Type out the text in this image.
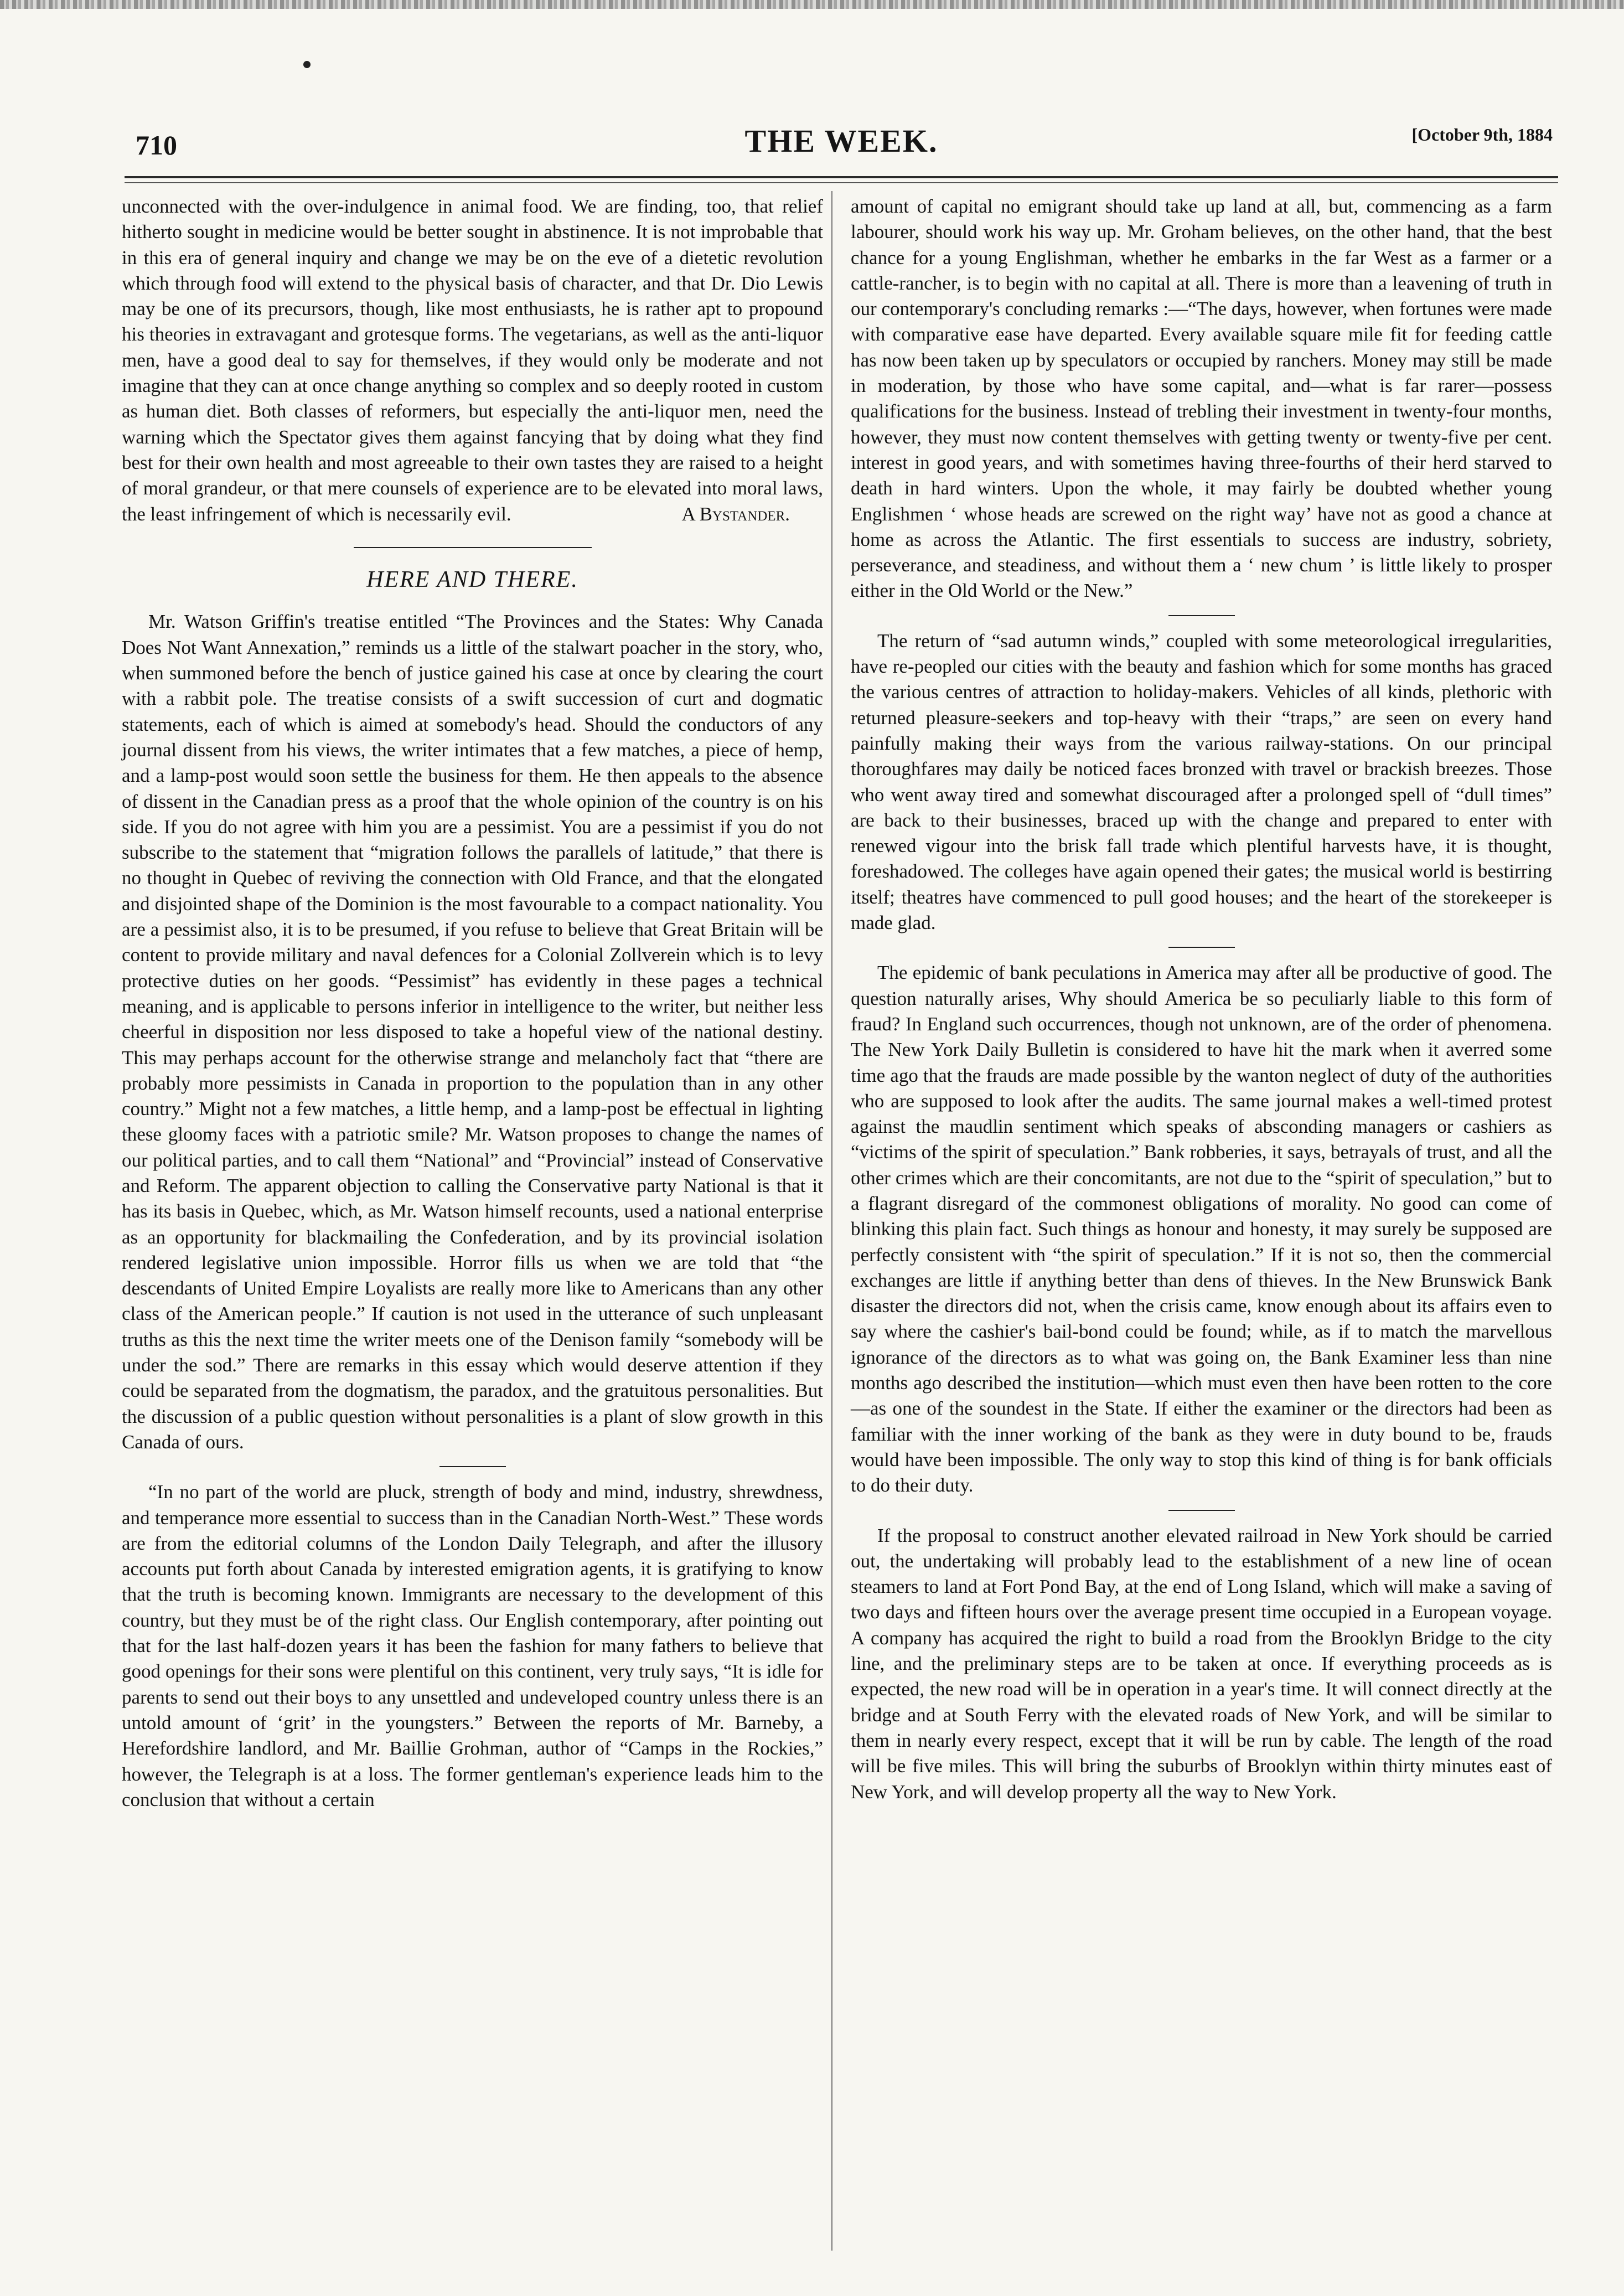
710	THE WEEK.	[October 9th, 1884

unconnected with the over-indulgence in animal food. We are finding, too, that relief hitherto sought in medicine would be better sought in abstinence. It is not improbable that in this era of general inquiry and change we may be on the eve of a dietetic revolution which through food will extend to the physical basis of character, and that Dr. Dio Lewis may be one of its precursors, though, like most enthusiasts, he is rather apt to propound his theories in extravagant and grotesque forms. The vegetarians, as well as the anti-liquor men, have a good deal to say for themselves, if they would only be moderate and not imagine that they can at once change anything so complex and so deeply rooted in custom as human diet. Both classes of reformers, but especially the anti-liquor men, need the warning which the Spectator gives them against fancying that by doing what they find best for their own health and most agreeable to their own tastes they are raised to a height of moral grandeur, or that mere counsels of experience are to be elevated into moral laws, the least infringement of which is necessarily evil.	A Bystander.

HERE AND THERE.

Mr. Watson Griffin's treatise entitled “The Provinces and the States: Why Canada Does Not Want Annexation,” reminds us a little of the stalwart poacher in the story, who, when summoned before the bench of justice gained his case at once by clearing the court with a rabbit pole. The treatise consists of a swift succession of curt and dogmatic statements, each of which is aimed at somebody's head. Should the conductors of any journal dissent from his views, the writer intimates that a few matches, a piece of hemp, and a lamp-post would soon settle the business for them. He then appeals to the absence of dissent in the Canadian press as a proof that the whole opinion of the country is on his side. If you do not agree with him you are a pessimist. You are a pessimist if you do not subscribe to the statement that “migration follows the parallels of latitude,” that there is no thought in Quebec of reviving the connection with Old France, and that the elongated and disjointed shape of the Dominion is the most favourable to a compact nationality. You are a pessimist also, it is to be presumed, if you refuse to believe that Great Britain will be content to provide military and naval defences for a Colonial Zollverein which is to levy protective duties on her goods. “Pessimist” has evidently in these pages a technical meaning, and is applicable to persons inferior in intelligence to the writer, but neither less cheerful in disposition nor less disposed to take a hopeful view of the national destiny. This may perhaps account for the otherwise strange and melancholy fact that “there are probably more pessimists in Canada in proportion to the population than in any other country.” Might not a few matches, a little hemp, and a lamp-post be effectual in lighting these gloomy faces with a patriotic smile? Mr. Watson proposes to change the names of our political parties, and to call them “National” and “Provincial” instead of Conservative and Reform. The apparent objection to calling the Conservative party National is that it has its basis in Quebec, which, as Mr. Watson himself recounts, used a national enterprise as an opportunity for blackmailing the Confederation, and by its provincial isolation rendered legislative union impossible. Horror fills us when we are told that “the descendants of United Empire Loyalists are really more like to Americans than any other class of the American people.” If caution is not used in the utterance of such unpleasant truths as this the next time the writer meets one of the Denison family “somebody will be under the sod.” There are remarks in this essay which would deserve attention if they could be separated from the dogmatism, the paradox, and the gratuitous personalities. But the discussion of a public question without personalities is a plant of slow growth in this Canada of ours.

“In no part of the world are pluck, strength of body and mind, industry, shrewdness, and temperance more essential to success than in the Canadian North-West.” These words are from the editorial columns of the London Daily Telegraph, and after the illusory accounts put forth about Canada by interested emigration agents, it is gratifying to know that the truth is becoming known. Immigrants are necessary to the development of this country, but they must be of the right class. Our English contemporary, after pointing out that for the last half-dozen years it has been the fashion for many fathers to believe that good openings for their sons were plentiful on this continent, very truly says, “It is idle for parents to send out their boys to any unsettled and undeveloped country unless there is an untold amount of ‘grit’ in the youngsters.” Between the reports of Mr. Barneby, a Herefordshire landlord, and Mr. Baillie Grohman, author of “Camps in the Rockies,” however, the Telegraph is at a loss. The former gentleman's experience leads him to the conclusion that without a certain

amount of capital no emigrant should take up land at all, but, commencing as a farm labourer, should work his way up. Mr. Groham believes, on the other hand, that the best chance for a young Englishman, whether he embarks in the far West as a farmer or a cattle-rancher, is to begin with no capital at all. There is more than a leavening of truth in our contemporary's concluding remarks :—“The days, however, when fortunes were made with comparative ease have departed. Every available square mile fit for feeding cattle has now been taken up by speculators or occupied by ranchers. Money may still be made in moderation, by those who have some capital, and—what is far rarer—possess qualifications for the business. Instead of trebling their investment in twenty-four months, however, they must now content themselves with getting twenty or twenty-five per cent. interest in good years, and with sometimes having three-fourths of their herd starved to death in hard winters. Upon the whole, it may fairly be doubted whether young Englishmen ‘ whose heads are screwed on the right way’ have not as good a chance at home as across the Atlantic. The first essentials to success are industry, sobriety, perseverance, and steadiness, and without them a ‘ new chum ’ is little likely to prosper either in the Old World or the New.”

The return of “sad autumn winds,” coupled with some meteorological irregularities, have re-peopled our cities with the beauty and fashion which for some months has graced the various centres of attraction to holiday-makers. Vehicles of all kinds, plethoric with returned pleasure-seekers and top-heavy with their “traps,” are seen on every hand painfully making their ways from the various railway-stations. On our principal thoroughfares may daily be noticed faces bronzed with travel or brackish breezes. Those who went away tired and somewhat discouraged after a prolonged spell of “dull times” are back to their businesses, braced up with the change and prepared to enter with renewed vigour into the brisk fall trade which plentiful harvests have, it is thought, foreshadowed. The colleges have again opened their gates; the musical world is bestirring itself; theatres have commenced to pull good houses; and the heart of the storekeeper is made glad.

The epidemic of bank peculations in America may after all be productive of good. The question naturally arises, Why should America be so peculiarly liable to this form of fraud? In England such occurrences, though not unknown, are of the order of phenomena. The New York Daily Bulletin is considered to have hit the mark when it averred some time ago that the frauds are made possible by the wanton neglect of duty of the authorities who are supposed to look after the audits. The same journal makes a well-timed protest against the maudlin sentiment which speaks of absconding managers or cashiers as “victims of the spirit of speculation.” Bank robberies, it says, betrayals of trust, and all the other crimes which are their concomitants, are not due to the “spirit of speculation,” but to a flagrant disregard of the commonest obligations of morality. No good can come of blinking this plain fact. Such things as honour and honesty, it may surely be supposed are perfectly consistent with “the spirit of speculation.” If it is not so, then the commercial exchanges are little if anything better than dens of thieves. In the New Brunswick Bank disaster the directors did not, when the crisis came, know enough about its affairs even to say where the cashier's bail-bond could be found; while, as if to match the marvellous ignorance of the directors as to what was going on, the Bank Examiner less than nine months ago described the institution—which must even then have been rotten to the core—as one of the soundest in the State. If either the examiner or the directors had been as familiar with the inner working of the bank as they were in duty bound to be, frauds would have been impossible. The only way to stop this kind of thing is for bank officials to do their duty.

If the proposal to construct another elevated railroad in New York should be carried out, the undertaking will probably lead to the establishment of a new line of ocean steamers to land at Fort Pond Bay, at the end of Long Island, which will make a saving of two days and fifteen hours over the average present time occupied in a European voyage. A company has acquired the right to build a road from the Brooklyn Bridge to the city line, and the preliminary steps are to be taken at once. If everything proceeds as is expected, the new road will be in operation in a year's time. It will connect directly at the bridge and at South Ferry with the elevated roads of New York, and will be similar to them in nearly every respect, except that it will be run by cable. The length of the road will be five miles. This will bring the suburbs of Brooklyn within thirty minutes east of New York, and will develop property all the way to New York.
